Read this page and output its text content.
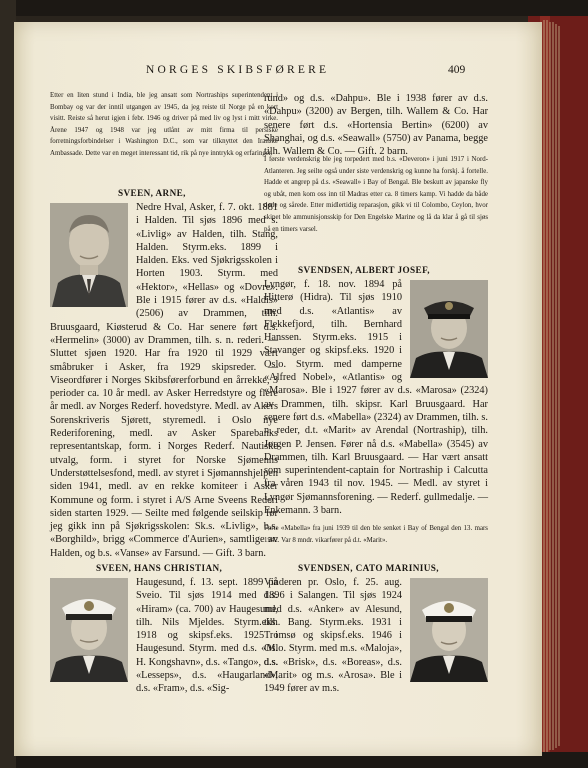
NORGES SKIBSFØRERE	409

Etter en liten stund i India, ble jeg ansatt som Nortraships superintendent i Bombay og var der inntil utgangen av 1945, da jeg reiste til Norge på en kort visitt. Reiste så herut igjen i febr. 1946 og driver på med liv og lyst i mitt virke. Årene 1947 og 1948 var jeg utlånt av mitt firma til persiske forretningsforbindelser i Washington D.C., som var tilknyttet den Iranske Ambassade. Dette var en meget interessant tid, rik på nye inntrykk og erfaringer.

SVEEN, ARNE,

Nedre Hval, Asker, f. 7. okt. 1881 i Halden. Til sjøs 1896 med s. «Livlig» av Halden, tilh. Stang, Halden. Styrm.eks. 1899 i Halden. Eks. ved Sjøkrigsskolen i Horten 1903. Styrm. med «Hektor», «Hellas» og «Dovre». Ble i 1915 fører av d.s. «Haldis» (2506) av Drammen, tilh. Bruusgaard, Kiøsterud & Co. Har senere ført d.s. «Hermelin» (3000) av Drammen, tilh. s. n. rederi. — Sluttet sjøen 1920. Har fra 1920 til 1929 vært småbruker i Asker, fra 1929 skipsreder. — Viseordfører i Norges Skibsførerforbund en årrekke, 3 perioder ca. 10 år medl. av Asker Herredstyre og flere år medl. av Norges Rederf. hovedstyre. Medl. av Akers Sorenskriveris Sjørett, styremedl. i Oslo nye Rederiforening, medl. av Asker Sparebanks representantskap, form. i Norges Rederf. Nautiske utvalg, form. i styret for Norske Sjømenns Understøttelsesfond, medl. av styret i Sjømannshjelpen siden 1941, medl. av en rekke komiteer i Asker Kommune og form. i styret i A/S Arne Sveens Rederi siden starten 1929. — Seilte med følgende seilskip før jeg gikk inn på Sjøkrigsskolen: Sk.s. «Livlig», b.s. «Borghild», brigg «Commerce d'Aurien», samtlige av Halden, og b.s. «Vanse» av Farsund. — Gift. 3 barn.

SVEEN, HANS CHRISTIAN,

Haugesund, f. 13. sept. 1899 på Sveio. Til sjøs 1914 med d.s. «Hiram» (ca. 700) av Haugesund, tilh. Nils Mjeldes. Styrm.eks. 1918 og skipsf.eks. 1925 i Haugesund. Styrm. med d.s. «M. H. Kongshavn», d.s. «Tango», d.s. «Lesseps», d.s. «Haugarland», d.s. «Fram», d.s. «Sig-

rund» og d.s. «Dahpu». Ble i 1938 fører av d.s. «Dahpu» (3200) av Bergen, tilh. Wallem & Co. Har senere ført d.s. «Hortensia Bertin» (6200) av Shanghai, og d.s. «Seawall» (5750) av Panama, begge tilh. Wallem & Co. — Gift. 2 barn.

I første verdenskrig ble jeg torpedert med b.s. «Deveron» i juni 1917 i Nord-Atlanteren. Jeg seilte også under siste verdenskrig og kunne ha forskj. å fortelle. Hadde et angrep på d.s. «Seawall» i Bay of Bengal. Ble beskutt av japanske fly og ubåt, men kom oss inn til Madras etter ca. 8 timers kamp. Vi hadde da både døde og sårede. Etter midlertidig reparasjon, gikk vi til Colombo, Ceylon, hvor skipet ble ammunisjonsskip for Den Engelske Marine og lå da klar å gå til sjøs på en timers varsel.

SVENDSEN, ALBERT JOSEF,

Lyngør, f. 18. nov. 1894 på Hitterø (Hidra). Til sjøs 1910 med d.s. «Atlantis» av Flekkefjord, tilh. Bernhard Hanssen. Styrm.eks. 1915 i Stavanger og skipsf.eks. 1920 i Oslo. Styrm. med damperne «Alfred Nobel», «Atlantis» og «Marosa». Ble i 1927 fører av d.s. «Marosa» (2324) av Drammen, tilh. skipsr. Karl Bruusgaard. Har senere ført d.s. «Mabella» (2324) av Drammen, tilh. s. n. reder, d.t. «Marit» av Arendal (Nortraship), tilh. Jørgen P. Jensen. Fører nå d.s. «Mabella» (3545) av Drammen, tilh. Karl Bruusgaard. — Har vært ansatt som superintendent-captain for Nortraship i Calcutta fra våren 1943 til nov. 1945. — Medl. av styret i Lyngør Sjømannsforening. — Rederf. gullmedalje. — Enkemann. 3 barn.

Førte «Mabella» fra juni 1939 til den ble senket i Bay of Bengal den 13. mars 1942. Var 8 mndr. vikarfører på d.t. «Marit».

SVENDSEN, CATO MARINIUS,

Vinderen pr. Oslo, f. 25. aug. 1896 i Salangen. Til sjøs 1924 med d.s. «Anker» av Alesund, tilh. Bang. Styrm.eks. 1931 i Tromsø og skipsf.eks. 1946 i Oslo. Styrm. med m.s. «Maloja», d.s. «Brisk», d.s. «Boreas», d.s. «Marit» og m.s. «Arosa». Ble i 1949 fører av m.s.
